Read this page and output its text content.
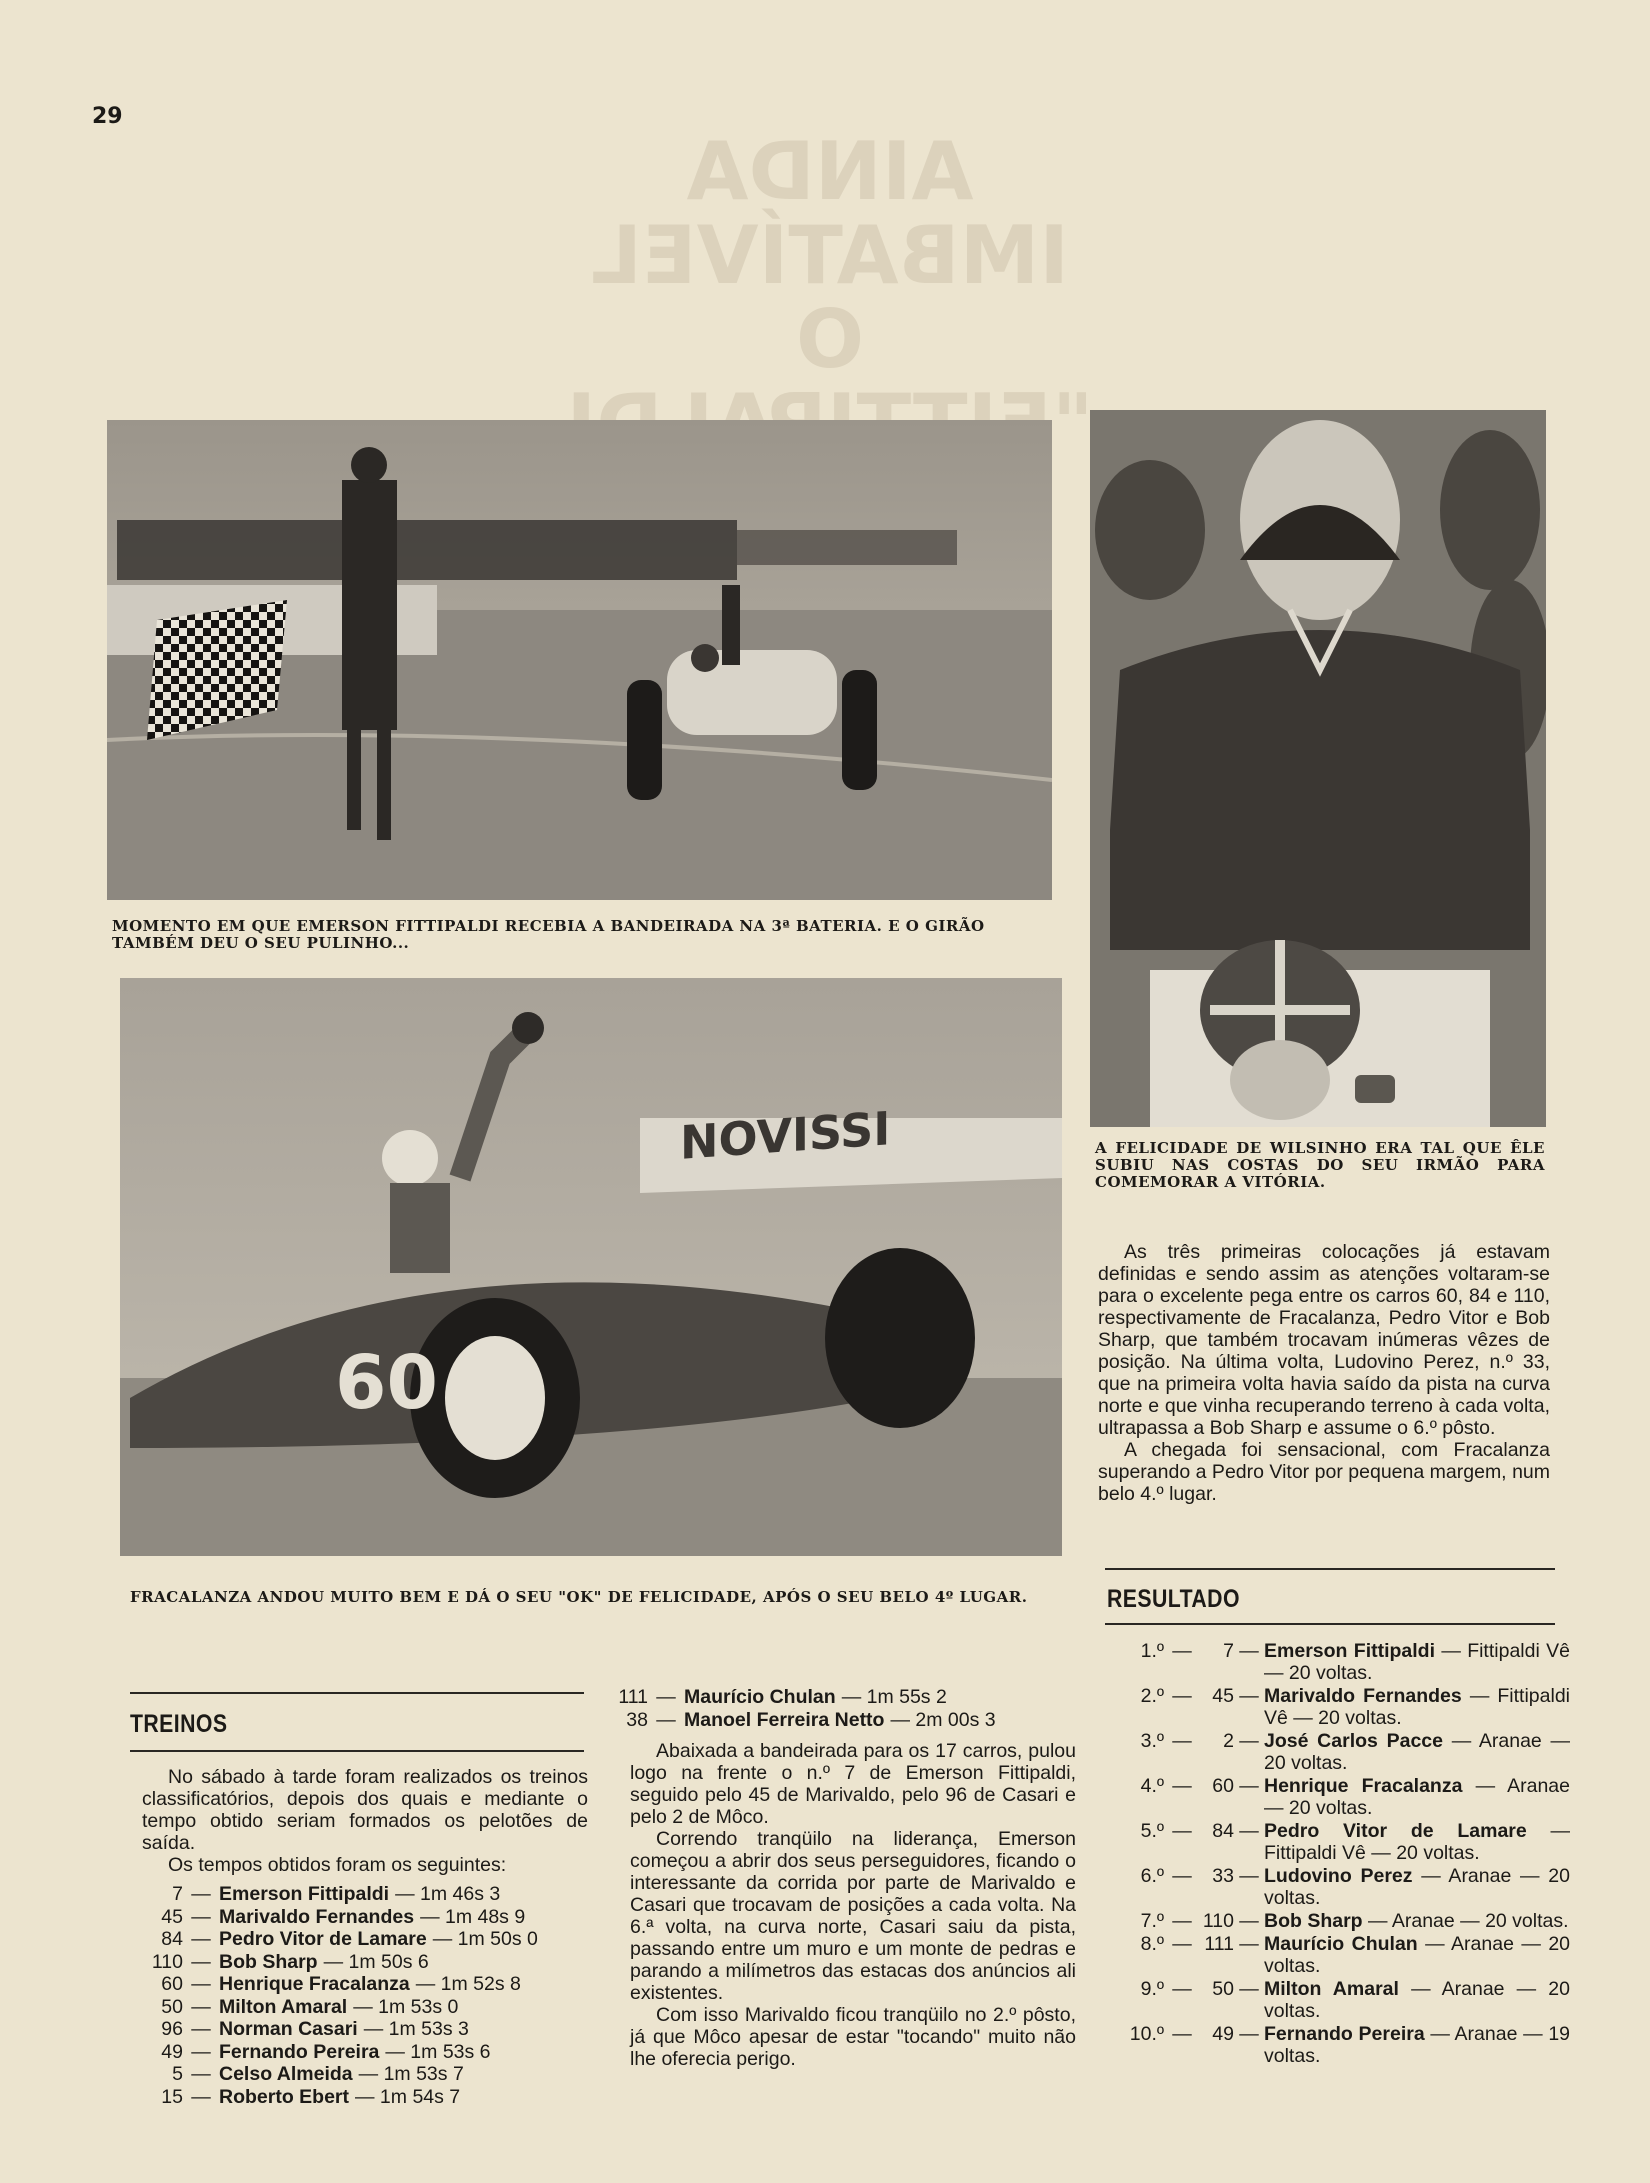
29
AINDA
IMBATÍVEL
O
MOMENTO EM QUE EMERSON FITTIPALDI RECEBIA A BANDEIRADA NA 3ª BATERIA. E O GIRÃO TAMBÉM DEU O SEU PULINHO...
A FELICIDADE DE WILSINHO ERA TAL QUE ÊLE SUBIU NAS COSTAS DO SEU IRMÃO PARA COMEMORAR A VITÓRIA.
NOVISSI
60
FRACALANZA ANDOU MUITO BEM E DÁ O SEU "OK" DE FELICIDADE, APÓS O SEU BELO 4º LUGAR.
TREINOS

No sábado à tarde foram realizados os treinos classificatórios, depois dos quais e mediante o tempo obtido seriam formados os pelotões de saída.

Os tempos obtidos foram os seguintes:

7 — Emerson Fittipaldi — 1m 46s 3
45 — Marivaldo Fernandes — 1m 48s 9
84 — Pedro Vitor de Lamare — 1m 50s 0
110 — Bob Sharp — 1m 50s 6
60 — Henrique Fracalanza — 1m 52s 8
50 — Milton Amaral — 1m 53s 0
96 — Norman Casari — 1m 53s 3
49 — Fernando Pereira — 1m 53s 6
5 — Celso Almeida — 1m 53s 7
15 — Roberto Ebert — 1m 54s 7
111 — Maurício Chulan — 1m 55s 2
38 — Manoel Ferreira Netto — 2m 00s 3

Abaixada a bandeirada para os 17 carros, pulou logo na frente o n.º 7 de Emerson Fittipaldi, seguido pelo 45 de Marivaldo, pelo 96 de Casari e pelo 2 de Môco.

Correndo tranqüilo na liderança, Emerson começou a abrir dos seus perseguidores, ficando o interessante da corrida por parte de Marivaldo e Casari que trocavam de posições a cada volta. Na 6.ª volta, na curva norte, Casari saiu da pista, passando entre um muro e um monte de pedras e parando a milímetros das estacas dos anúncios ali existentes.

Com isso Marivaldo ficou tranqüilo no 2.º pôsto, já que Môco apesar de estar "tocando" muito não lhe oferecia perigo.

As três primeiras colocações já estavam definidas e sendo assim as atenções voltaram-se para o excelente pega entre os carros 60, 84 e 110, respectivamente de Fracalanza, Pedro Vitor e Bob Sharp, que também trocavam inúmeras vêzes de posição. Na última volta, Ludovino Perez, n.º 33, que na primeira volta havia saído da pista na curva norte e que vinha recuperando terreno à cada volta, ultrapassa a Bob Sharp e assume o 6.º pôsto.

A chegada foi sensacional, com Fracalanza superando a Pedro Vitor por pequena margem, num belo 4.º lugar.

RESULTADO
1.º —	7 — Emerson Fittipaldi — Fittipaldi Vê — 20 voltas.
2.º —	45 — Marivaldo Fernandes — Fittipaldi Vê — 20 voltas.
3.º —	2 — José Carlos Pacce — Aranae — 20 voltas.
4.º —	60 — Henrique Fracalanza — Aranae — 20 voltas.
5.º —	84 — Pedro Vitor de Lamare — Fittipaldi Vê — 20 voltas.
6.º —	33 — Ludovino Perez — Aranae — 20 voltas.
7.º — 110 — Bob Sharp — Aranae — 20 voltas.
8.º — 111 — Maurício Chulan — Aranae — 20 voltas.
9.º —	50 — Milton Amaral — Aranae — 20 voltas.
10.º —	49 — Fernando Pereira — Aranae — 19 voltas.
